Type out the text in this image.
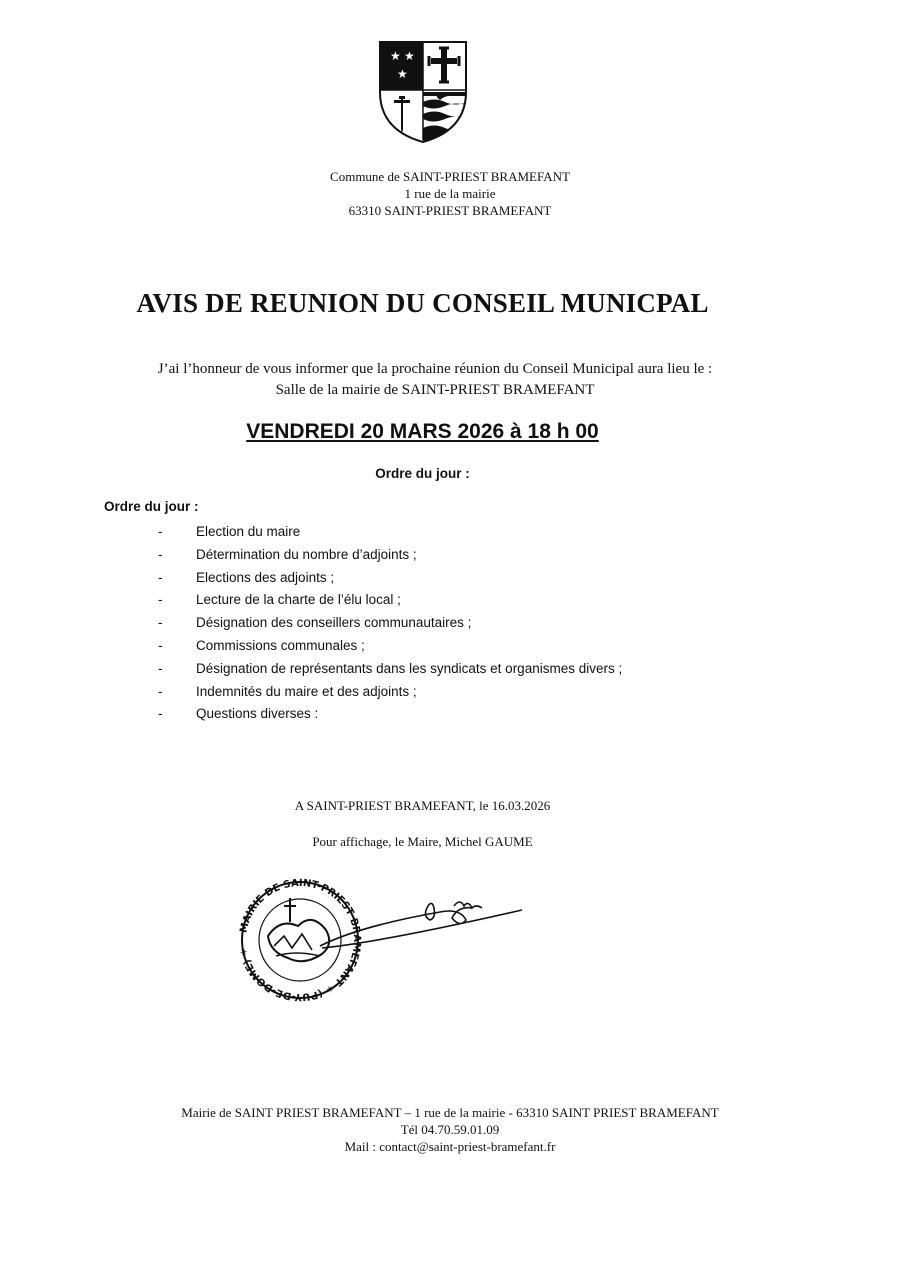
★ ★
★
Commune de SAINT-PRIEST BRAMEFANT
1 rue de la mairie
63310 SAINT-PRIEST BRAMEFANT
AVIS DE REUNION DU CONSEIL MUNICPAL
J’ai l’honneur de vous informer que la prochaine réunion du Conseil Municipal aura lieu le :
Salle de la mairie de SAINT-PRIEST BRAMEFANT
VENDREDI 20 MARS 2026 à 18 h 00
Ordre du jour :
Ordre du jour :
- Election du maire
- Détermination du nombre d’adjoints ;
- Elections des adjoints ;
- Lecture de la charte de l’élu local ;
- Désignation des conseillers communautaires ;
- Commissions communales ;
- Désignation de représentants dans les syndicats et organismes divers ;
- Indemnités du maire et des adjoints ;
- Questions diverses :
A SAINT-PRIEST BRAMEFANT, le 16.03.2026
Pour affichage, le Maire, Michel GAUME
MAIRIE DE SAINT-PRIEST BRAMEFANT ✶ (PUY-DE-DOME) ✶
Mairie de SAINT PRIEST BRAMEFANT – 1 rue de la mairie - 63310 SAINT PRIEST BRAMEFANT
Tél 04.70.59.01.09
Mail : contact@saint-priest-bramefant.fr
